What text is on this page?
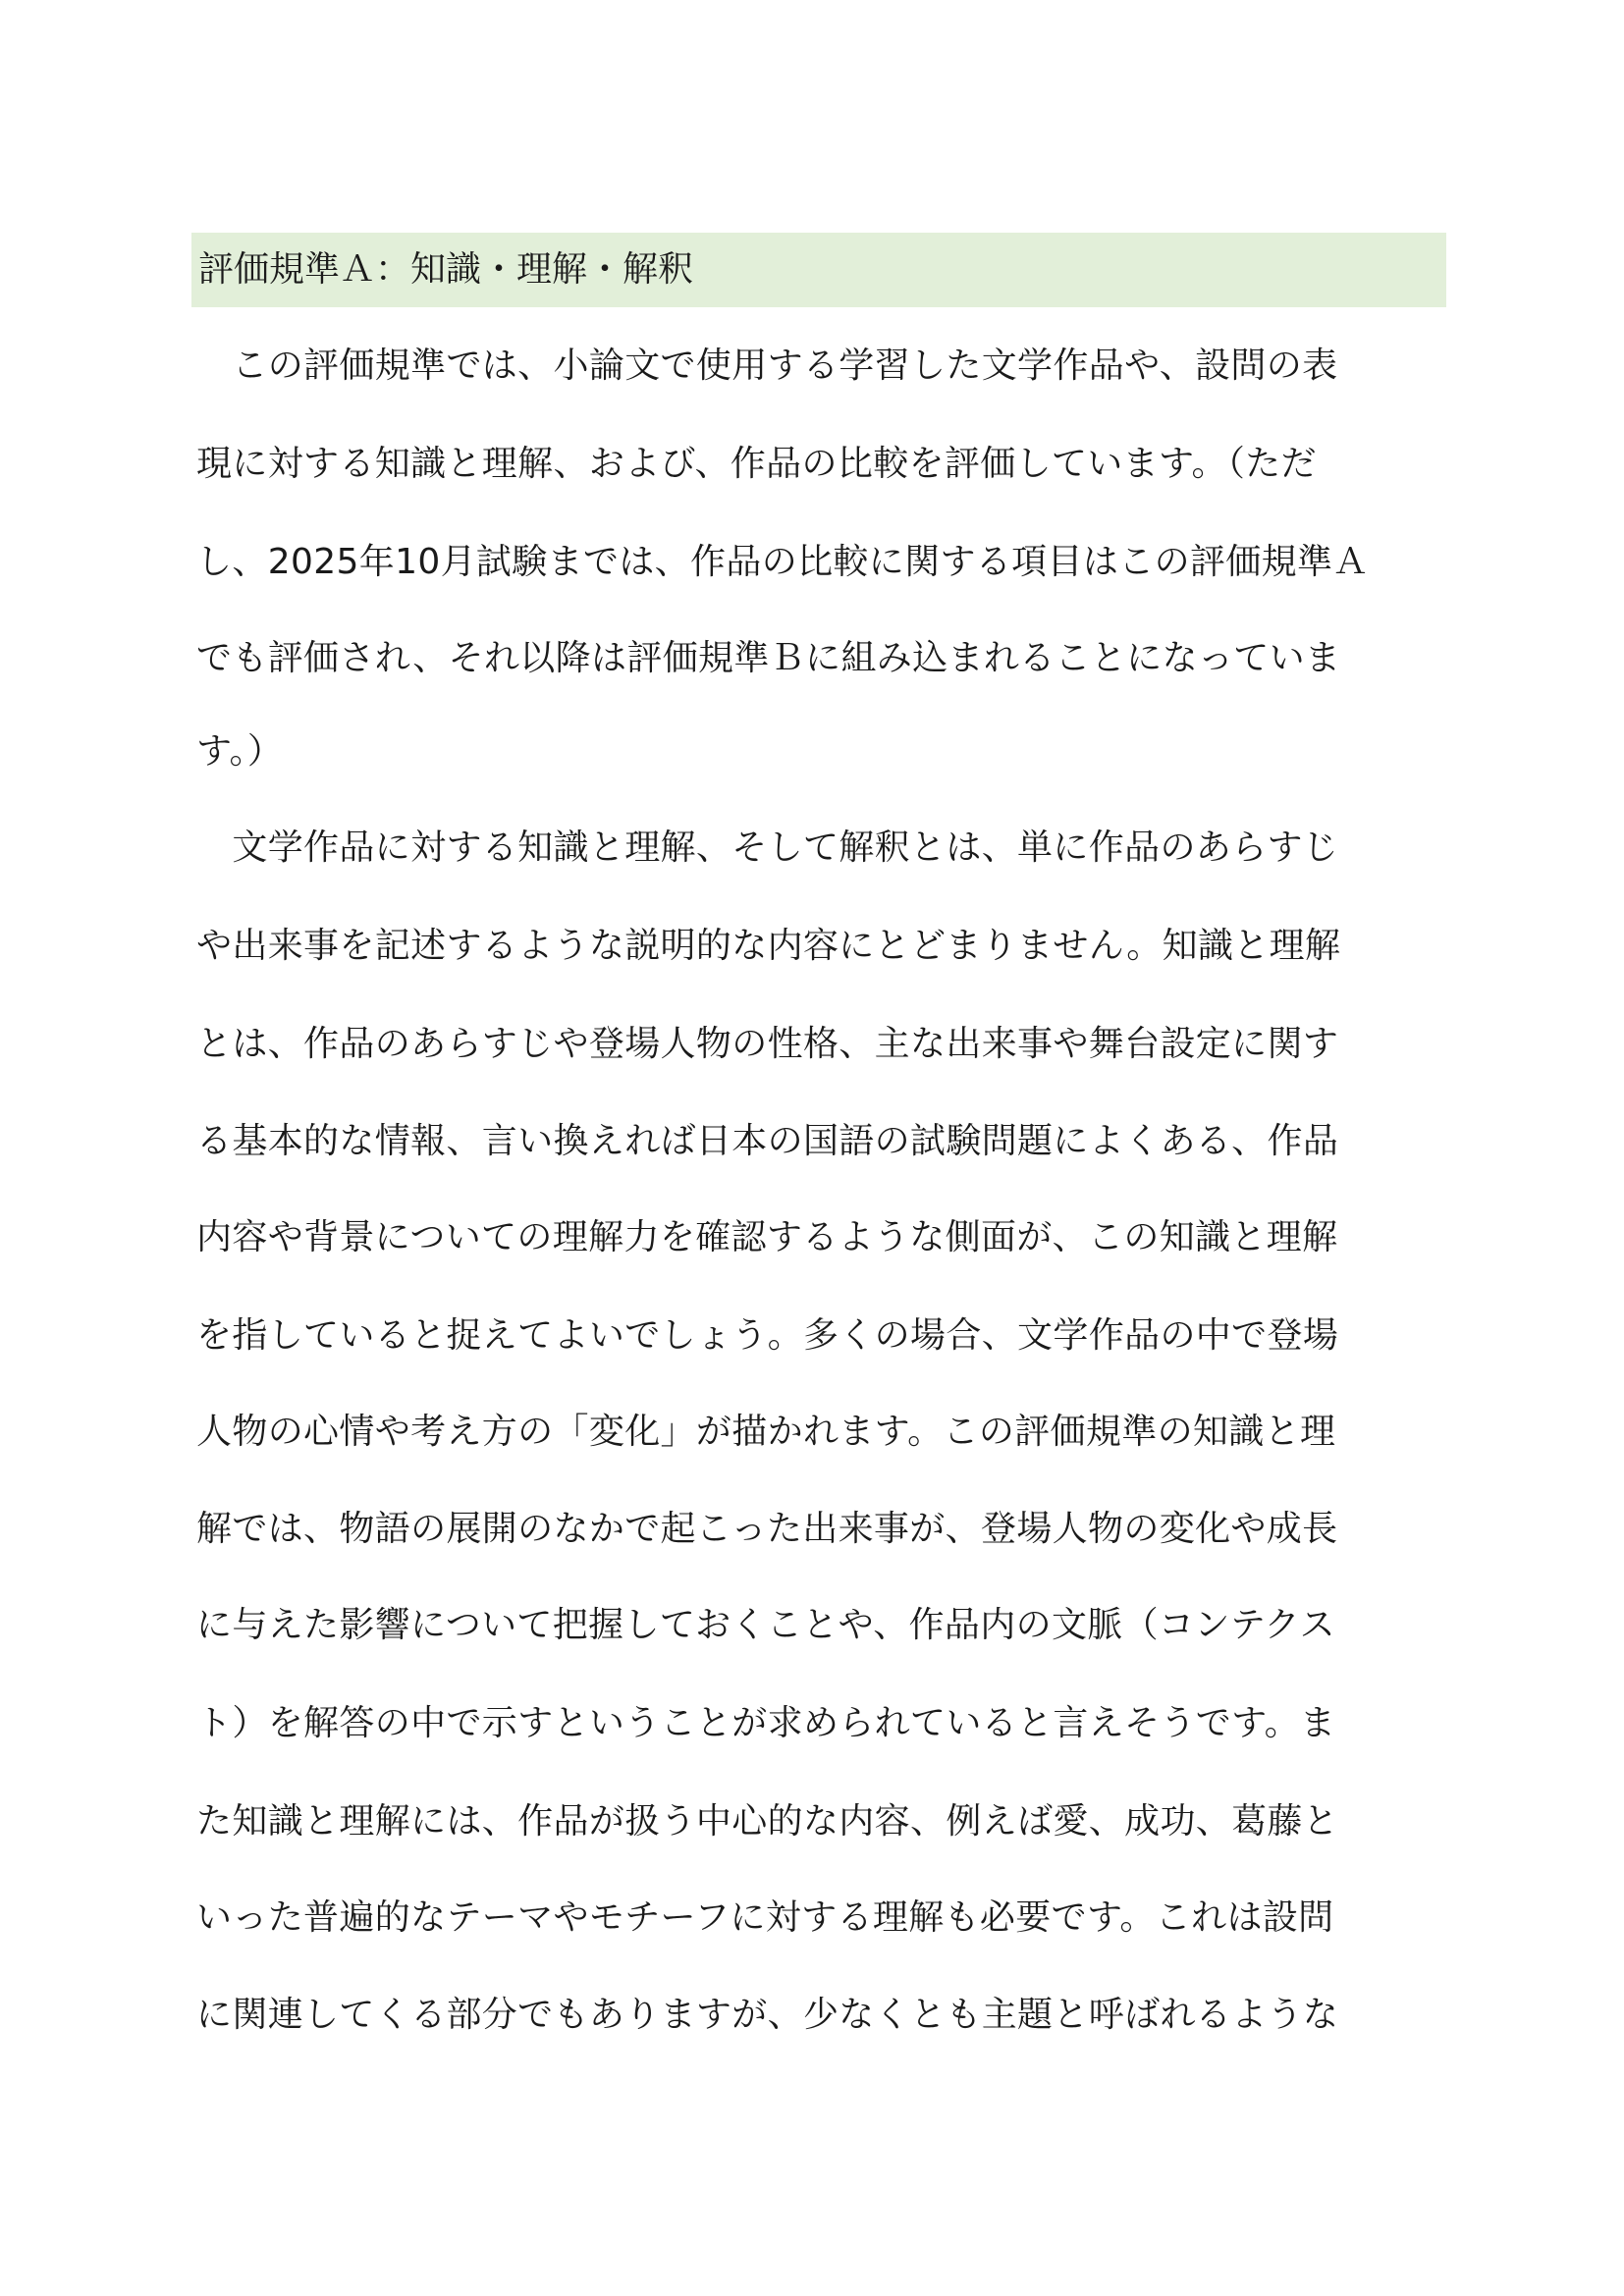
評価規準Ａ：知識・理解・解釈
　この評価規準では、小論文で使用する学習した文学作品や、設問の表
現に対する知識と理解、および、作品の比較を評価しています。（ただ
し、2025年10月試験までは、作品の比較に関する項目はこの評価規準Ａ
でも評価され、それ以降は評価規準Ｂに組み込まれることになっていま
す。）
　文学作品に対する知識と理解、そして解釈とは、単に作品のあらすじ
や出来事を記述するような説明的な内容にとどまりません。知識と理解
とは、作品のあらすじや登場人物の性格、主な出来事や舞台設定に関す
る基本的な情報、言い換えれば日本の国語の試験問題によくある、作品
内容や背景についての理解力を確認するような側面が、この知識と理解
を指していると捉えてよいでしょう。多くの場合、文学作品の中で登場
人物の心情や考え方の「変化」が描かれます。この評価規準の知識と理
解では、物語の展開のなかで起こった出来事が、登場人物の変化や成長
に与えた影響について把握しておくことや、作品内の文脈（コンテクス
ト）を解答の中で示すということが求められていると言えそうです。ま
た知識と理解には、作品が扱う中心的な内容、例えば愛、成功、葛藤と
いった普遍的なテーマやモチーフに対する理解も必要です。これは設問
に関連してくる部分でもありますが、少なくとも主題と呼ばれるような
